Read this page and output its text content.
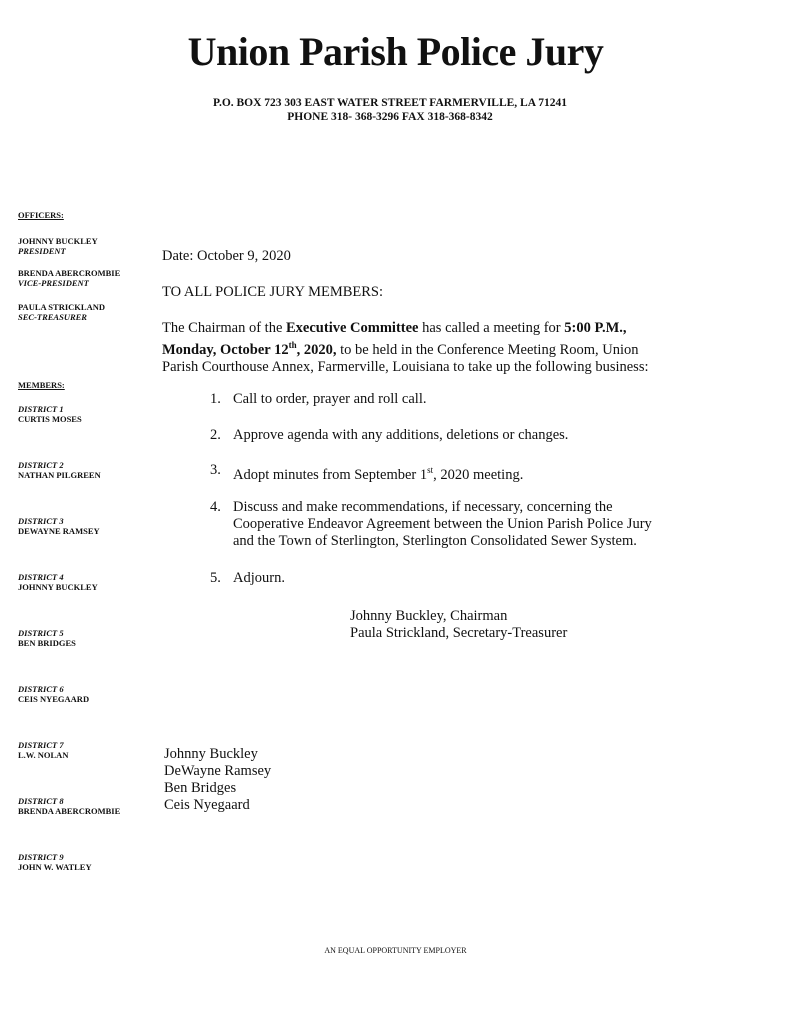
Union Parish Police Jury
P.O. BOX 723 303 EAST WATER STREET FARMERVILLE, LA 71241
PHONE 318- 368-3296 FAX 318-368-8342
OFFICERS:
JOHNNY BUCKLEY
PRESIDENT
BRENDA ABERCROMBIE
VICE-PRESIDENT
PAULA STRICKLAND
SEC-TREASURER
MEMBERS:
DISTRICT 1
CURTIS MOSES
DISTRICT 2
NATHAN PILGREEN
DISTRICT 3
DEWAYNE RAMSEY
DISTRICT 4
JOHNNY BUCKLEY
DISTRICT 5
BEN BRIDGES
DISTRICT 6
CEIS NYEGAARD
DISTRICT 7
L.W. NOLAN
DISTRICT 8
BRENDA ABERCROMBIE
DISTRICT 9
JOHN W. WATLEY
Date: October 9, 2020
TO ALL POLICE JURY MEMBERS:
The Chairman of the Executive Committee has called a meeting for 5:00 P.M.,
Monday, October 12th, 2020, to be held in the Conference Meeting Room, Union
Parish Courthouse Annex, Farmerville, Louisiana to take up the following business:
1. Call to order, prayer and roll call.
2. Approve agenda with any additions, deletions or changes.
3. Adopt minutes from September 1st, 2020 meeting.
4. Discuss and make recommendations, if necessary, concerning the
Cooperative Endeavor Agreement between the Union Parish Police Jury
and the Town of Sterlington, Sterlington Consolidated Sewer System.
5. Adjourn.
Johnny Buckley, Chairman
Paula Strickland, Secretary-Treasurer
Johnny Buckley
DeWayne Ramsey
Ben Bridges
Ceis Nyegaard
AN EQUAL OPPORTUNITY EMPLOYER
